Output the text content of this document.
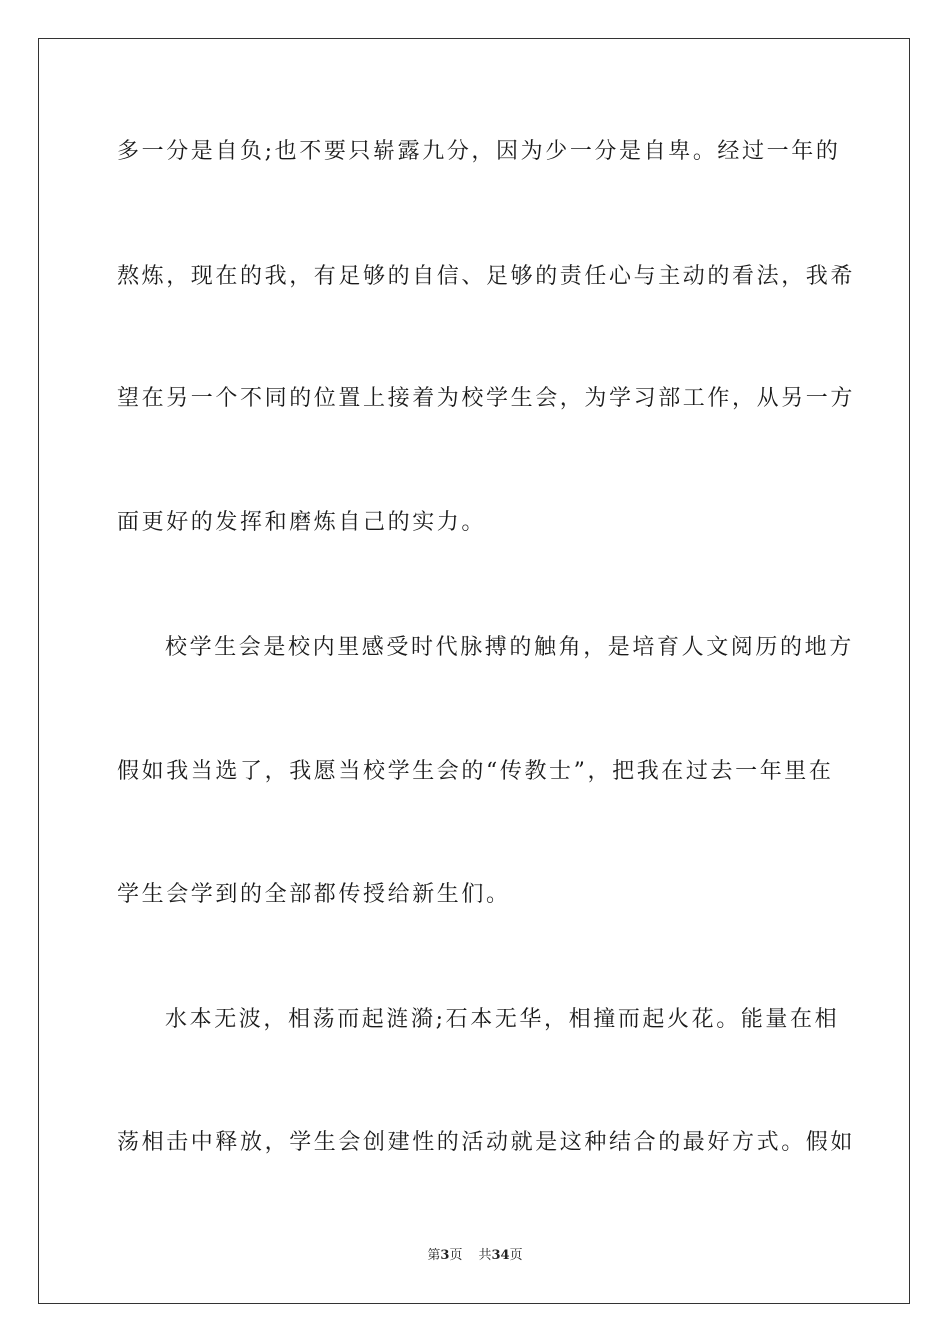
多一分是自负;也不要只崭露九分，因为少一分是自卑。经过一年的
熬炼，现在的我，有足够的自信、足够的责任心与主动的看法，我希
望在另一个不同的位置上接着为校学生会，为学习部工作，从另一方
面更好的发挥和磨炼自己的实力。
校学生会是校内里感受时代脉搏的触角，是培育人文阅历的地方
假如我当选了，我愿当校学生会的“传教士”，把我在过去一年里在
学生会学到的全部都传授给新生们。
水本无波，相荡而起涟漪;石本无华，相撞而起火花。能量在相
荡相击中释放，学生会创建性的活动就是这种结合的最好方式。假如
第3页 共34页
